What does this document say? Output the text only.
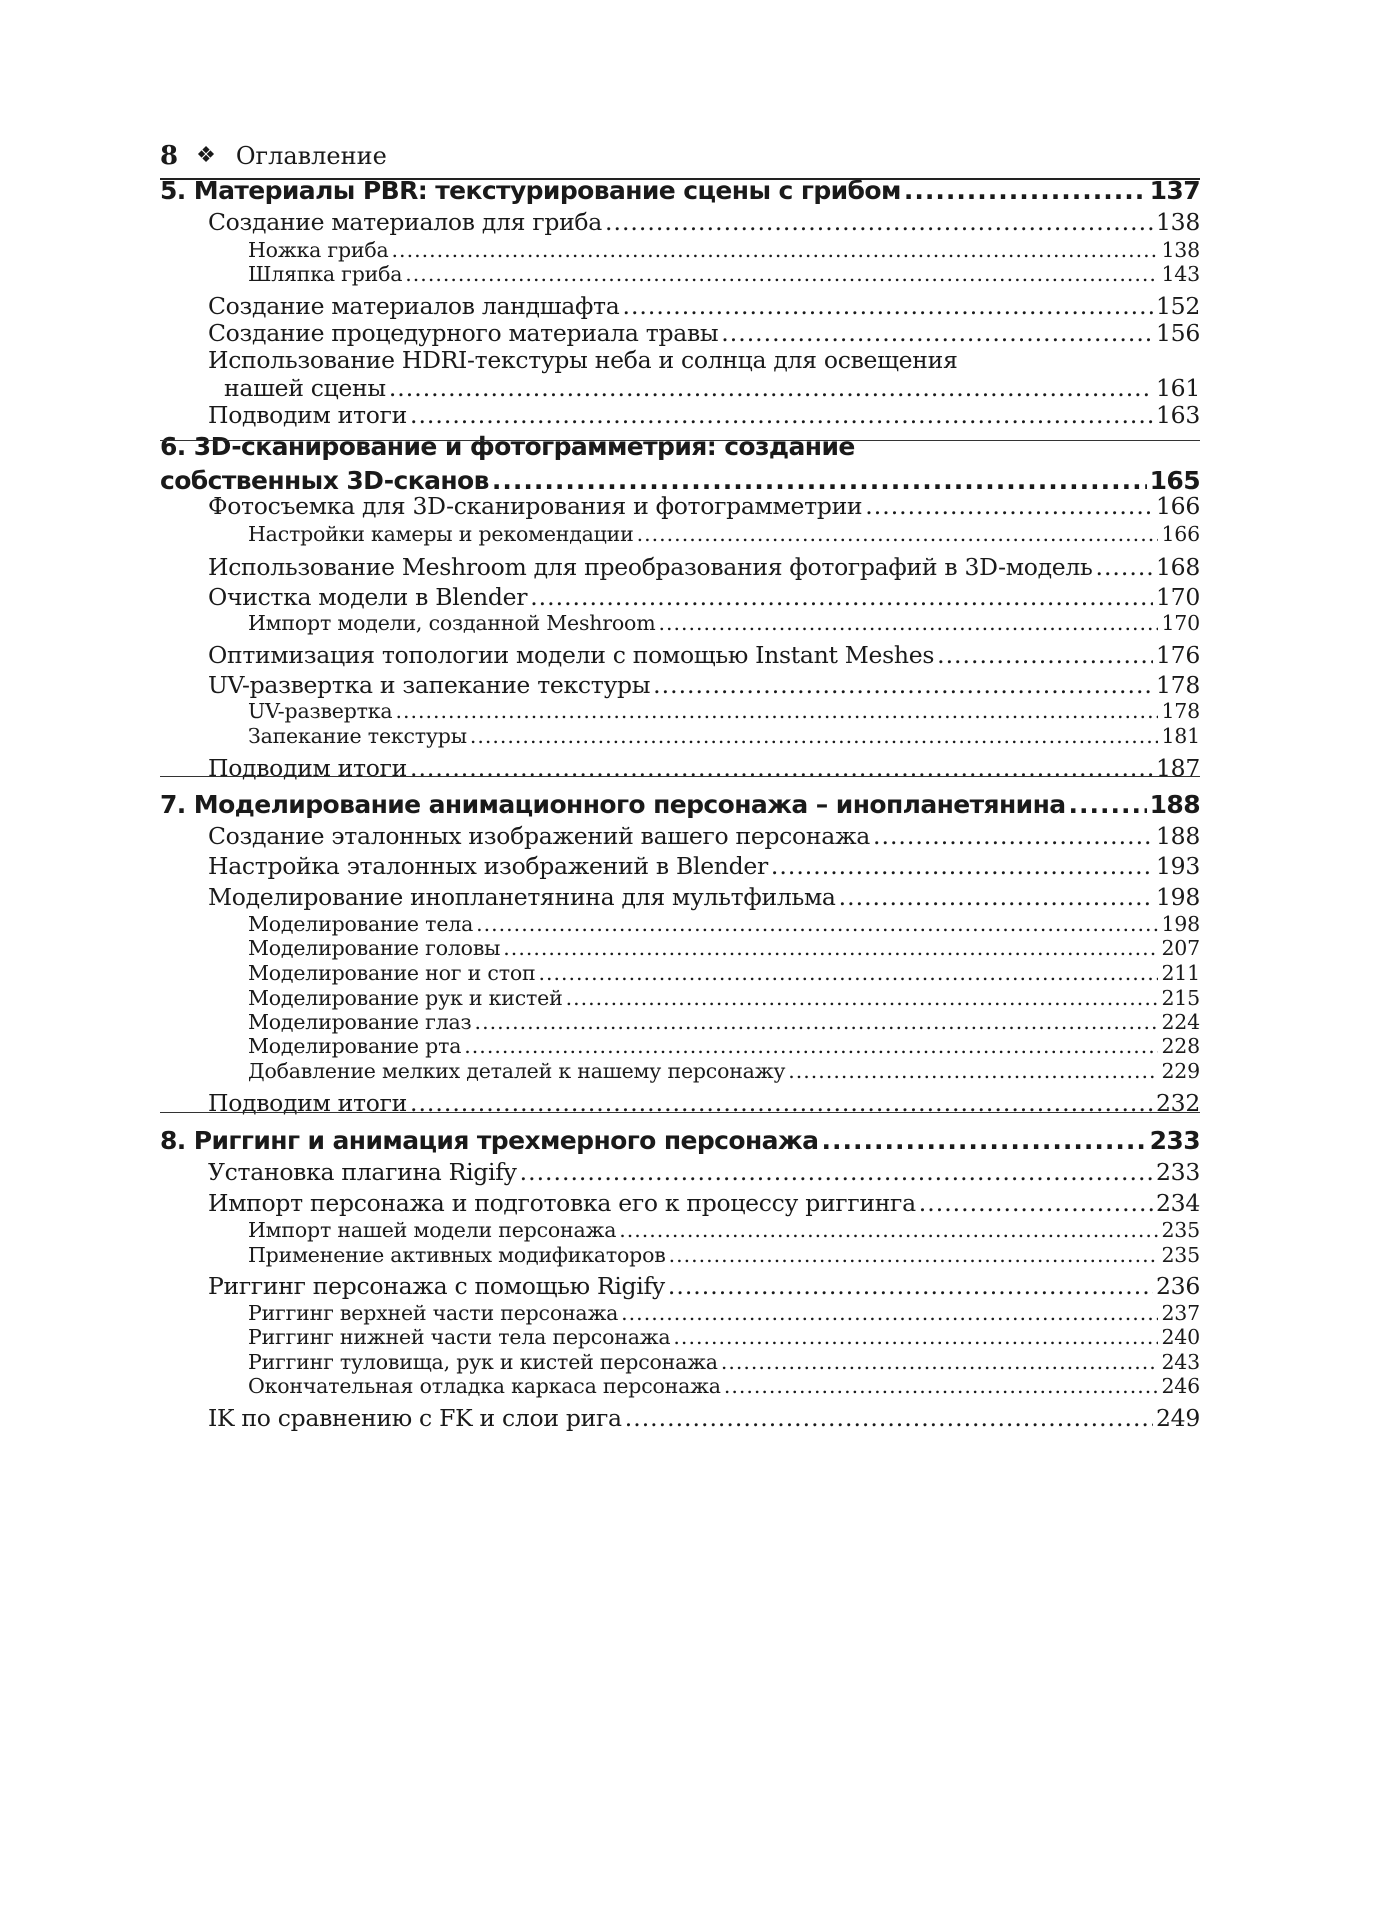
8 ❖ Оглавление
5. Материалы PBR: текстурирование сцены с грибом .....	137
Создание материалов для гриба .....	138
Ножка гриба .....	138
Шляпка гриба .....	143
Создание материалов ландшафта .....	152
Создание процедурного материала травы .....	156
Использование HDRI-текстуры неба и солнца для освещения
нашей сцены .....	161
Подводим итоги .....	163
6. 3D-сканирование и фотограмметрия: создание
собственных 3D-сканов .....	165
Фотосъемка для 3D-сканирования и фотограмметрии .....	166
Настройки камеры и рекомендации .....	166
Использование Meshroom для преобразования фотографий в 3D-модель .....	168
Очистка модели в Blender .....	170
Импорт модели, созданной Meshroom .....	170
Оптимизация топологии модели с помощью Instant Meshes .....	176
UV-развертка и запекание текстуры .....	178
UV-развертка .....	178
Запекание текстуры .....	181
Подводим итоги .....	187
7. Моделирование анимационного персонажа – инопланетянина .....	188
Создание эталонных изображений вашего персонажа .....	188
Настройка эталонных изображений в Blender .....	193
Моделирование инопланетянина для мультфильма .....	198
Моделирование тела .....	198
Моделирование головы .....	207
Моделирование ног и стоп .....	211
Моделирование рук и кистей .....	215
Моделирование глаз .....	224
Моделирование рта .....	228
Добавление мелких деталей к нашему персонажу .....	229
Подводим итоги .....	232
8. Риггинг и анимация трехмерного персонажа .....	233
Установка плагина Rigify .....	233
Импорт персонажа и подготовка его к процессу риггинга .....	234
Импорт нашей модели персонажа .....	235
Применение активных модификаторов .....	235
Риггинг персонажа с помощью Rigify .....	236
Риггинг верхней части персонажа .....	237
Риггинг нижней части тела персонажа .....	240
Риггинг туловища, рук и кистей персонажа .....	243
Окончательная отладка каркаса персонажа .....	246
IK по сравнению с FK и слои рига .....	249
